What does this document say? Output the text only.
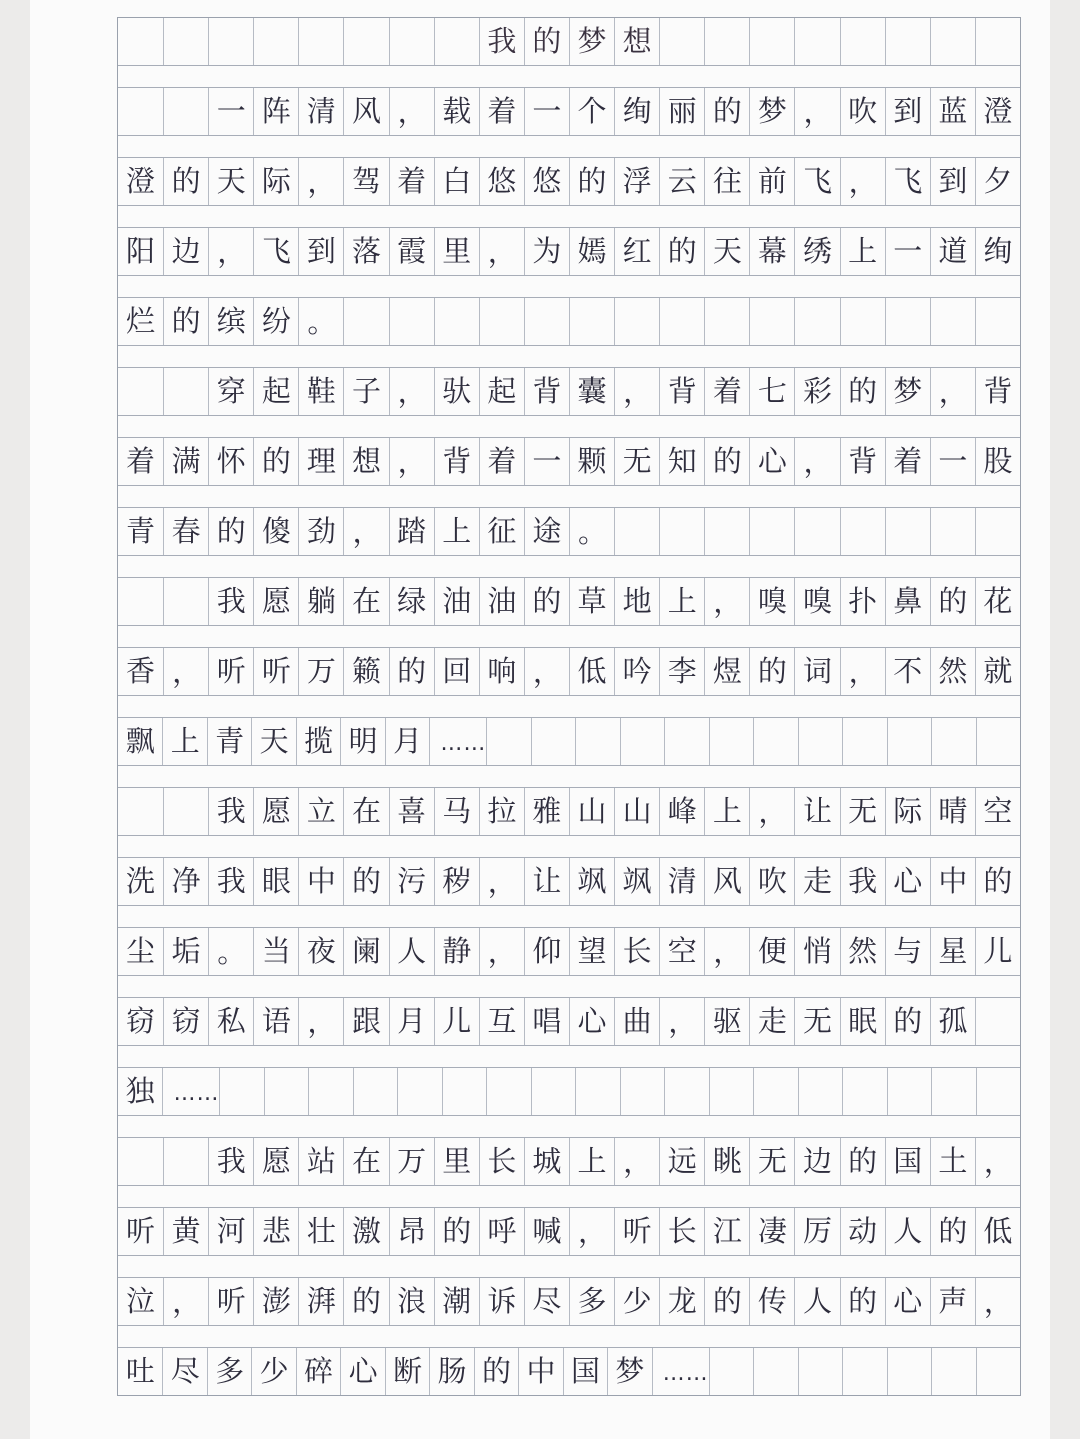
我 的 梦 想
一 阵 清 风 ， 载 着 一 个 绚 丽 的 梦 ， 吹 到 蓝 澄
澄 的 天 际 ， 驾 着 白 悠 悠 的 浮 云 往 前 飞 ， 飞 到 夕
阳 边 ， 飞 到 落 霞 里 ， 为 嫣 红 的 天 幕 绣 上 一 道 绚
烂 的 缤 纷 。
穿 起 鞋 子 ， 驮 起 背 囊 ， 背 着 七 彩 的 梦 ， 背
着 满 怀 的 理 想 ， 背 着 一 颗 无 知 的 心 ， 背 着 一 股
青 春 的 傻 劲 ， 踏 上 征 途 。
我 愿 躺 在 绿 油 油 的 草 地 上 ， 嗅 嗅 扑 鼻 的 花
香 ， 听 听 万 籁 的 回 响 ， 低 吟 李 煜 的 词 ， 不 然 就
飘 上 青 天 揽 明 月 ……
我 愿 立 在 喜 马 拉 雅 山 山 峰 上 ， 让 无 际 晴 空
洗 净 我 眼 中 的 污 秽 ， 让 飒 飒 清 风 吹 走 我 心 中 的
尘 垢 。 当 夜 阑 人 静 ， 仰 望 长 空 ， 便 悄 然 与 星 儿
窃 窃 私 语 ， 跟 月 儿 互 唱 心 曲 ， 驱 走 无 眠 的 孤
独 ……
我 愿 站 在 万 里 长 城 上 ， 远 眺 无 边 的 国 土 ，
听 黄 河 悲 壮 激 昂 的 呼 喊 ， 听 长 江 凄 厉 动 人 的 低
泣 ， 听 澎 湃 的 浪 潮 诉 尽 多 少 龙 的 传 人 的 心 声 ，
吐 尽 多 少 碎 心 断 肠 的 中 国 梦 ……
